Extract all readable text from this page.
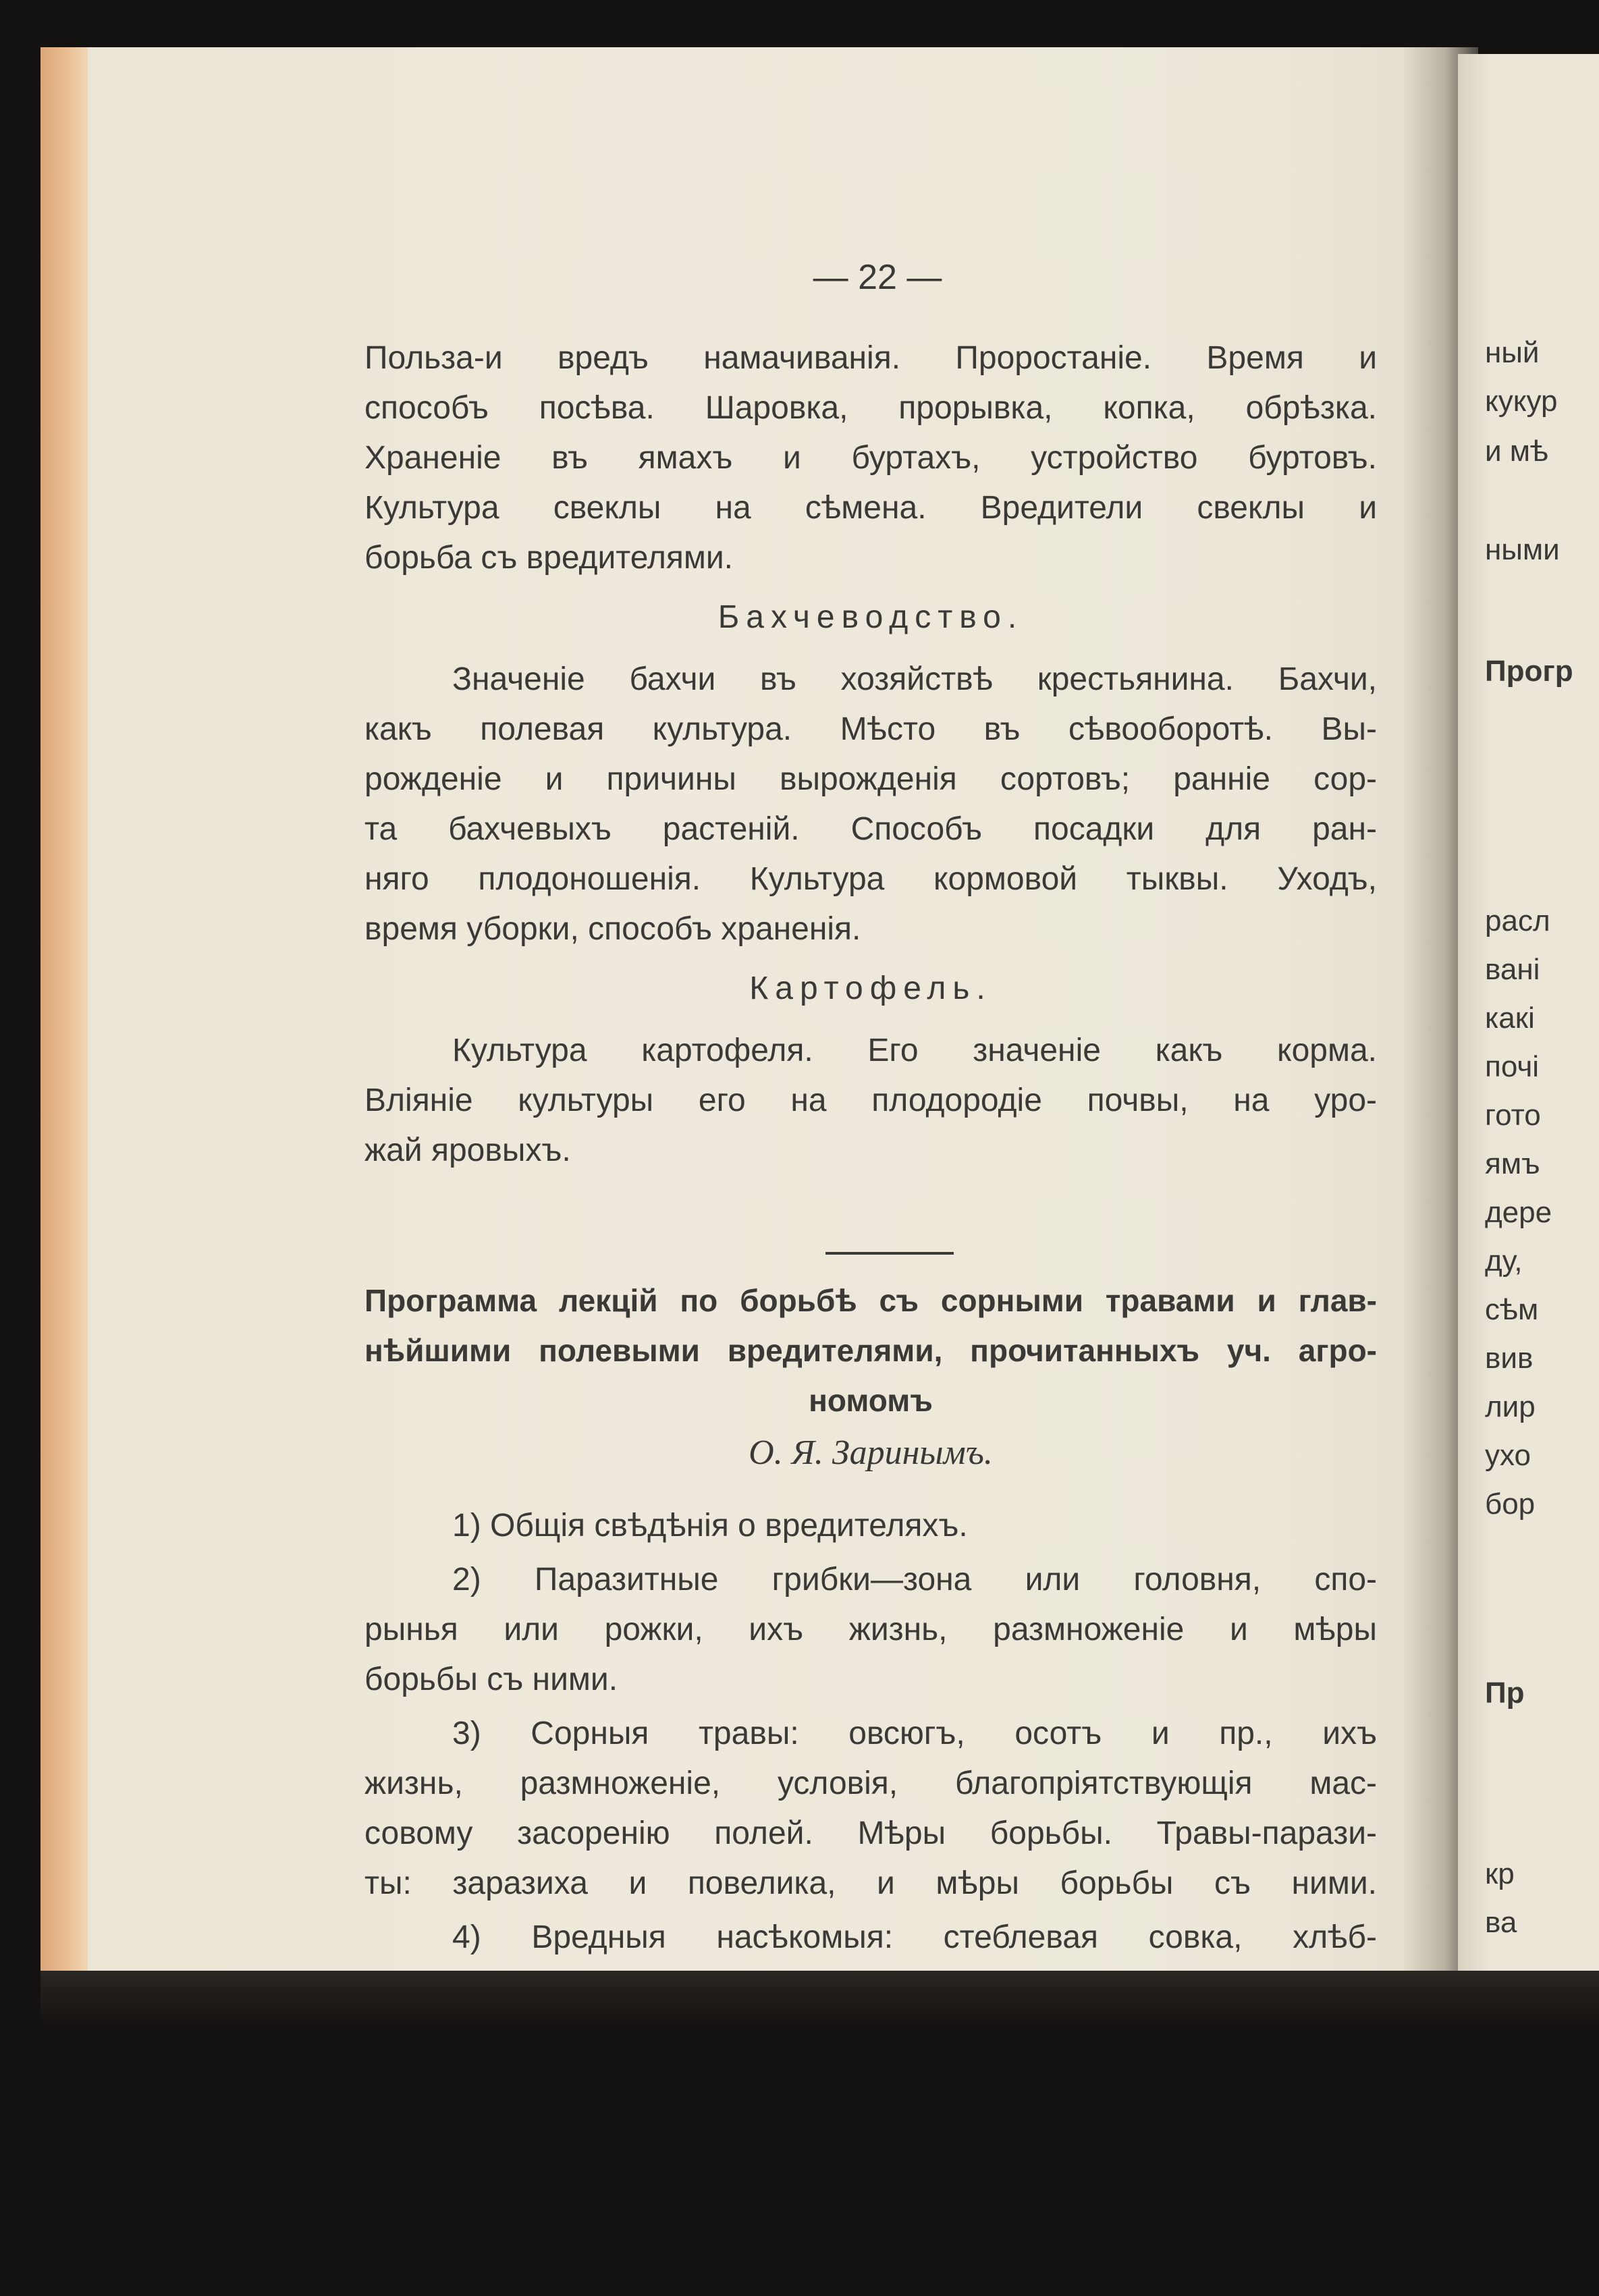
— 22 —
Польза-и вредъ намачиванія. Проростаніе. Время и
способъ посѣва. Шаровка, прорывка, копка, обрѣзка.
Храненіе въ ямахъ и буртахъ, устройство буртовъ.
Культура свеклы на сѣмена. Вредители свеклы и
борьба съ вредителями.
Бахчеводство.
Значеніе бахчи въ хозяйствѣ крестьянина. Бахчи,
какъ полевая культура. Мѣсто въ сѣвооборотѣ. Вы-
рожденіе и причины вырожденія сортовъ; ранніе сор-
та бахчевыхъ растеній. Способъ посадки для ран-
няго плодоношенія. Культура кормовой тыквы. Уходъ,
время уборки, способъ храненія.
Картофель.
Культура картофеля. Его значеніе какъ корма.
Вліяніе культуры его на плодородіе почвы, на уро-
жай яровыхъ.
Программа лекцій по борьбѣ съ сорными травами и глав-
нѣйшими полевыми вредителями, прочитанныхъ уч. агро-
номомъ
О. Я. Заринымъ.
1) Общія свѣдѣнія о вредителяхъ.
2) Паразитные грибки—зона или головня, спо-
рынья или рожки, ихъ жизнь, размноженіе и мѣры
борьбы съ ними.
3) Сорныя травы: овсюгъ, осотъ и пр., ихъ
жизнь, размноженіе, условія, благопріятствующія мас-
совому засоренію полей. Мѣры борьбы. Травы-парази-
ты: заразиха и повелика, и мѣры борьбы съ ними.
4) Вредныя насѣкомыя: стеблевая совка, хлѣб-
ный
кукур
и мѣ
ными
Прогр
расл
вані
какі
почі
гото
ямъ
дере
ду,
сѣм
вив
лир
ухо
бор
Пр
кр
ва
